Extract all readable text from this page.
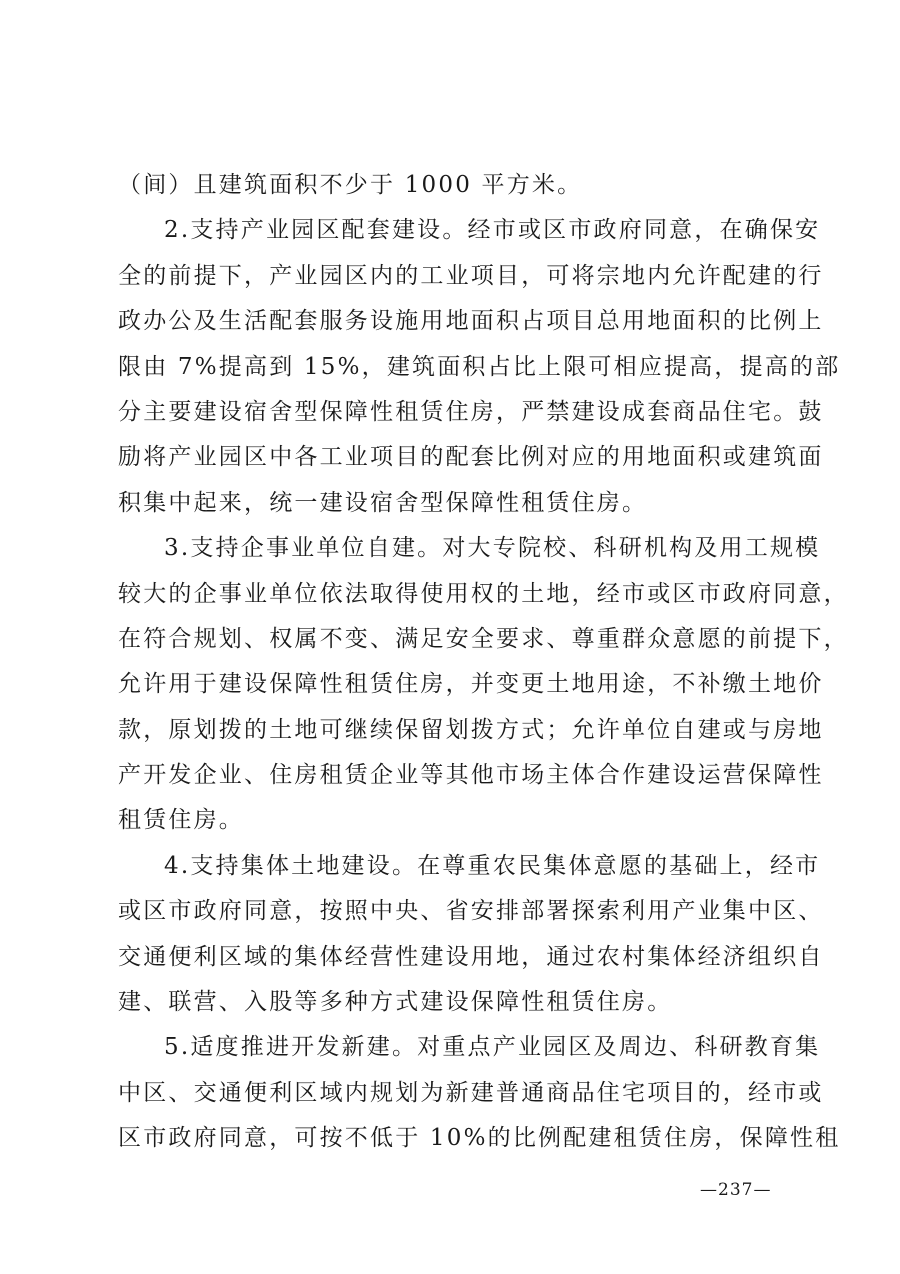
（间）且建筑面积不少于 1000 平方米。
2.支持产业园区配套建设。经市或区市政府同意，在确保安
全的前提下，产业园区内的工业项目，可将宗地内允许配建的行
政办公及生活配套服务设施用地面积占项目总用地面积的比例上
限由 7%提高到 15%，建筑面积占比上限可相应提高，提高的部
分主要建设宿舍型保障性租赁住房，严禁建设成套商品住宅。鼓
励将产业园区中各工业项目的配套比例对应的用地面积或建筑面
积集中起来，统一建设宿舍型保障性租赁住房。
3.支持企事业单位自建。对大专院校、科研机构及用工规模
较大的企事业单位依法取得使用权的土地，经市或区市政府同意，
在符合规划、权属不变、满足安全要求、尊重群众意愿的前提下，
允许用于建设保障性租赁住房，并变更土地用途，不补缴土地价
款，原划拨的土地可继续保留划拨方式；允许单位自建或与房地
产开发企业、住房租赁企业等其他市场主体合作建设运营保障性
租赁住房。
4.支持集体土地建设。在尊重农民集体意愿的基础上，经市
或区市政府同意，按照中央、省安排部署探索利用产业集中区、
交通便利区域的集体经营性建设用地，通过农村集体经济组织自
建、联营、入股等多种方式建设保障性租赁住房。
5.适度推进开发新建。对重点产业园区及周边、科研教育集
中区、交通便利区域内规划为新建普通商品住宅项目的，经市或
区市政府同意，可按不低于 10%的比例配建租赁住房，保障性租
—237—
